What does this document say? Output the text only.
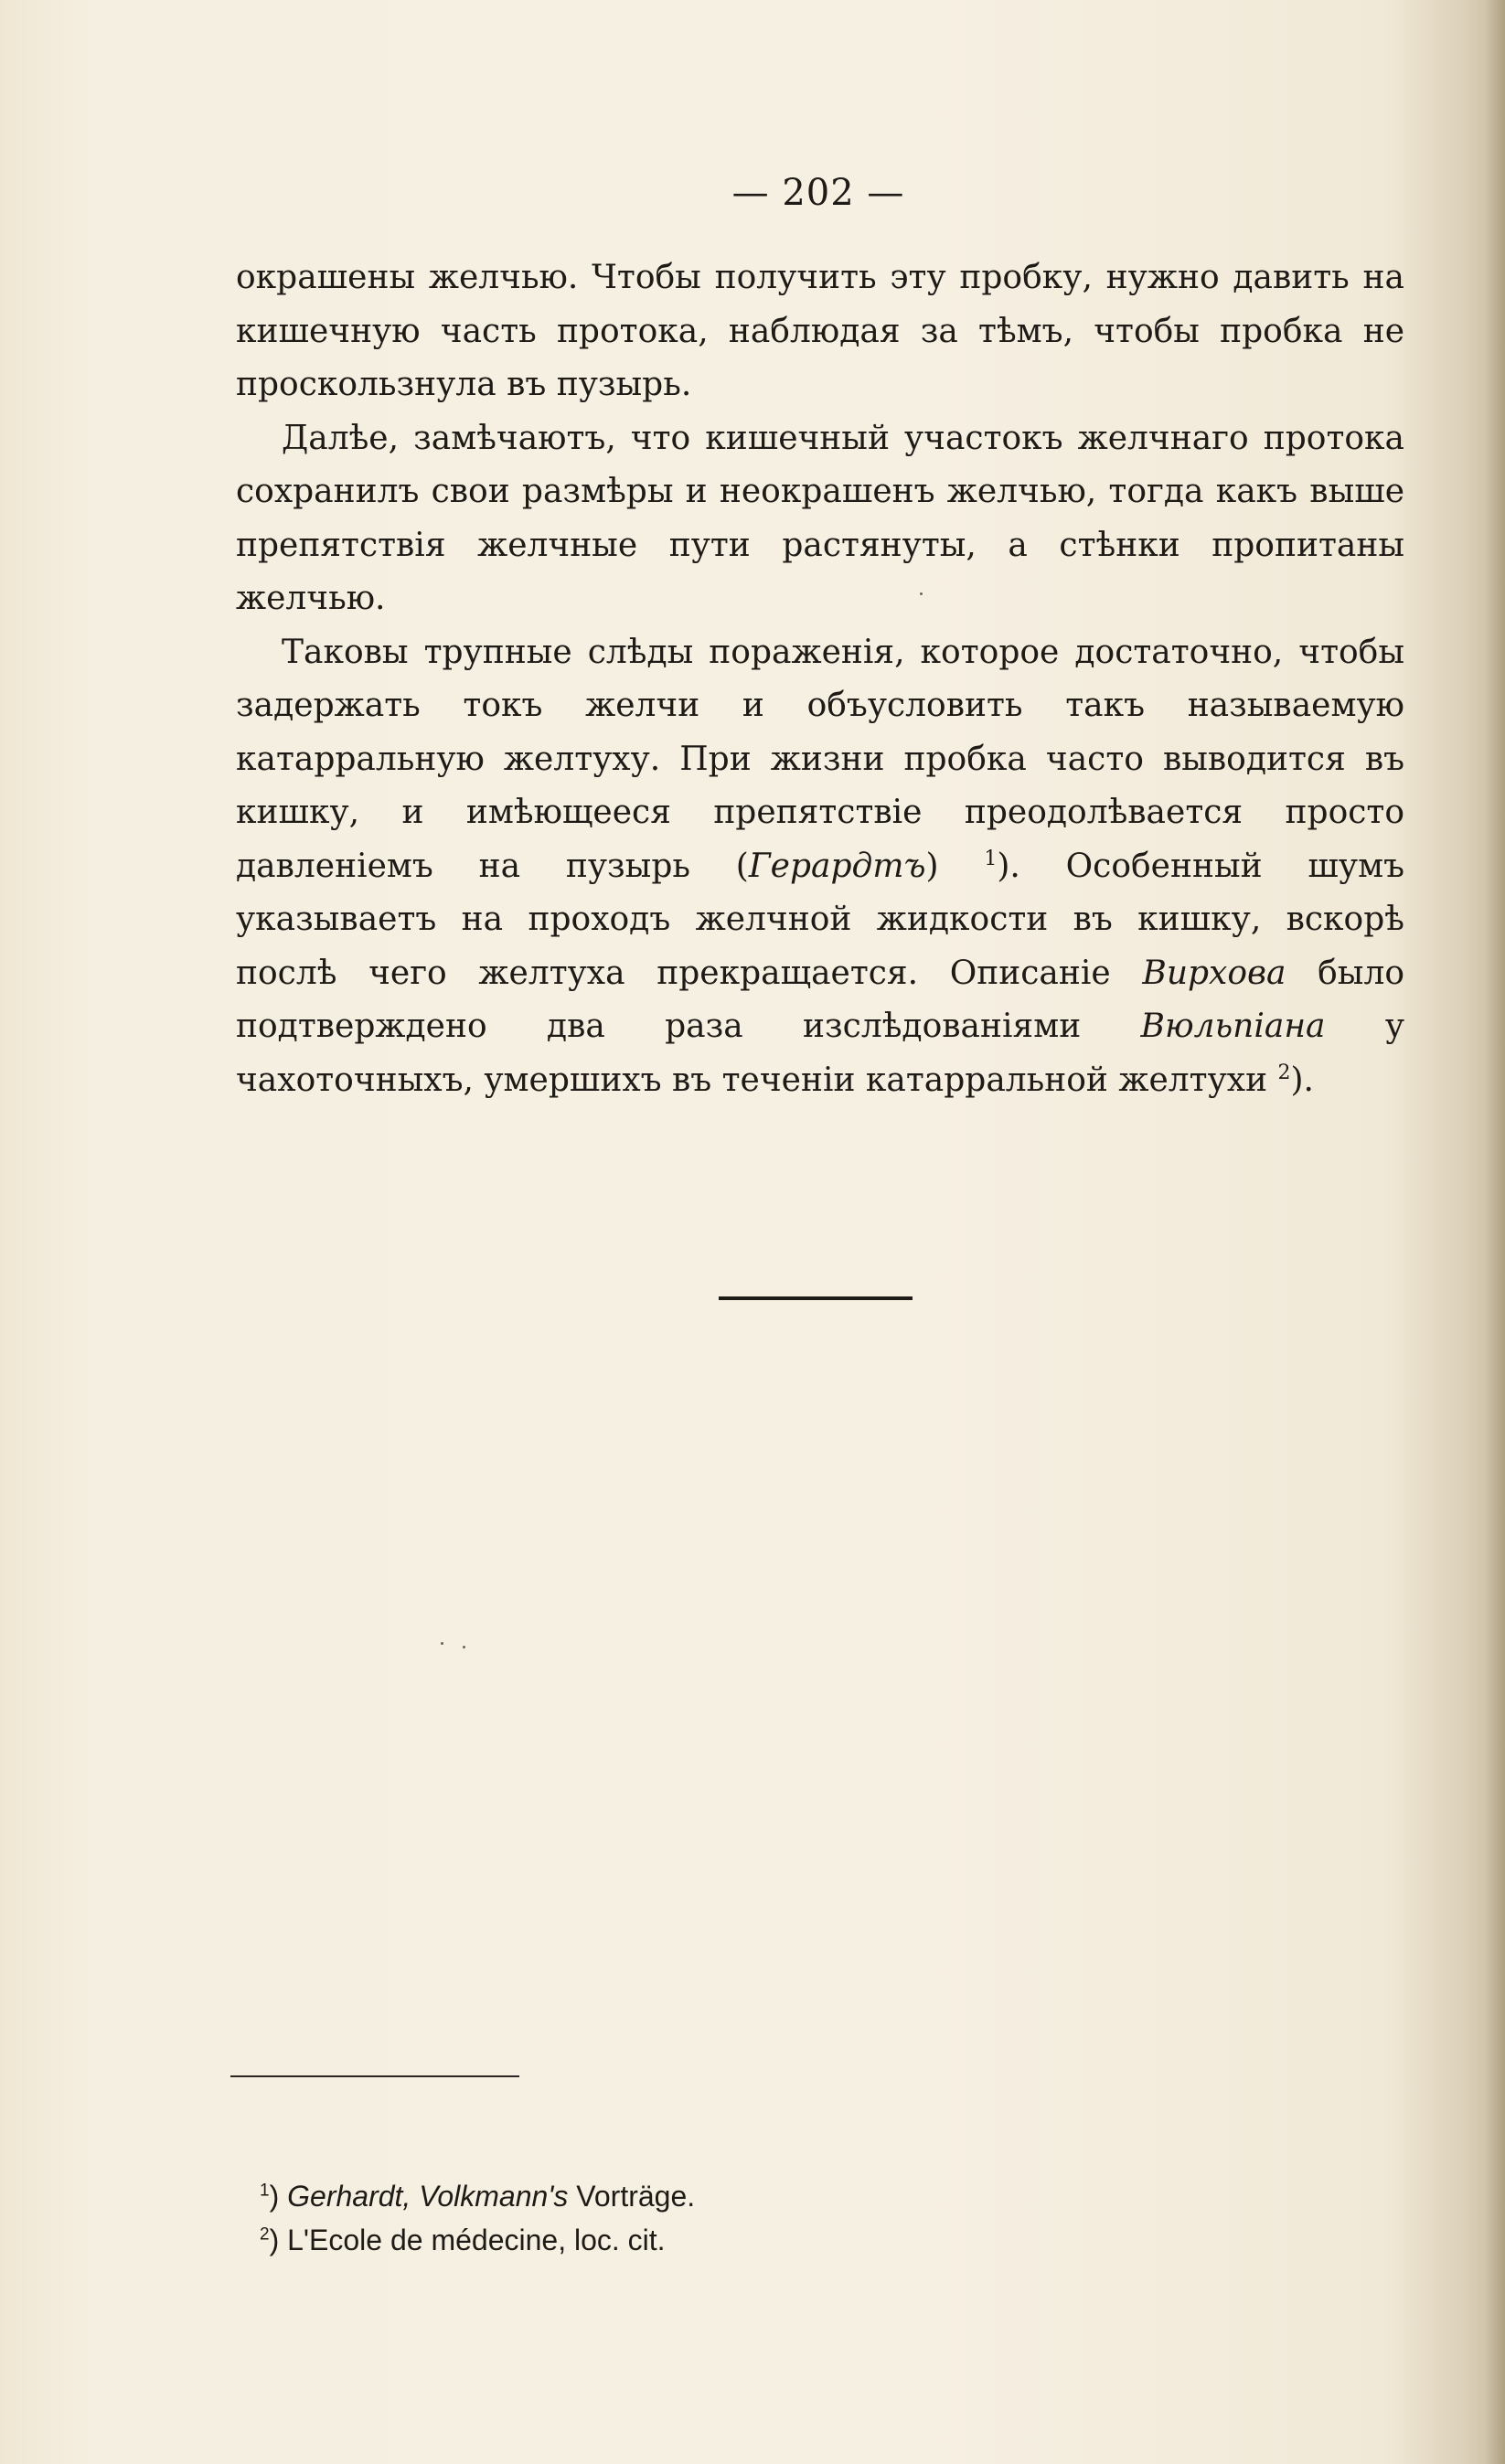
— 202 —

окрашены желчью. Чтобы получить эту пробку, нужно давить на кишечную часть протока, наблюдая за тѣмъ, чтобы пробка не проскользнула въ пузырь.

Далѣе, замѣчаютъ, что кишечный участокъ желчнаго протока сохранилъ свои размѣры и неокрашенъ желчью, тогда какъ выше препятствія желчные пути растянуты, а стѣнки пропитаны желчью.

Таковы трупные слѣды пораженія, которое достаточно, чтобы задержать токъ желчи и объусловить такъ называемую катарральную желтуху. При жизни пробка часто выводится въ кишку, и имѣющееся препятствіе преодолѣвается просто давленіемъ на пузырь (Герардтъ) $^1$). Особенный шумъ указываетъ на проходъ желчной жидкости въ кишку, вскорѣ послѣ чего желтуха прекращается. Описаніе Вирхова было подтверждено два раза изслѣдованіями Вюльпіана у чахоточныхъ, умершихъ въ теченіи катарральной желтухи $^2$).

$^1$) Gerhardt, Volkmann's Vorträge.
$^2$) L'Ecole de médecine, loc. cit.
